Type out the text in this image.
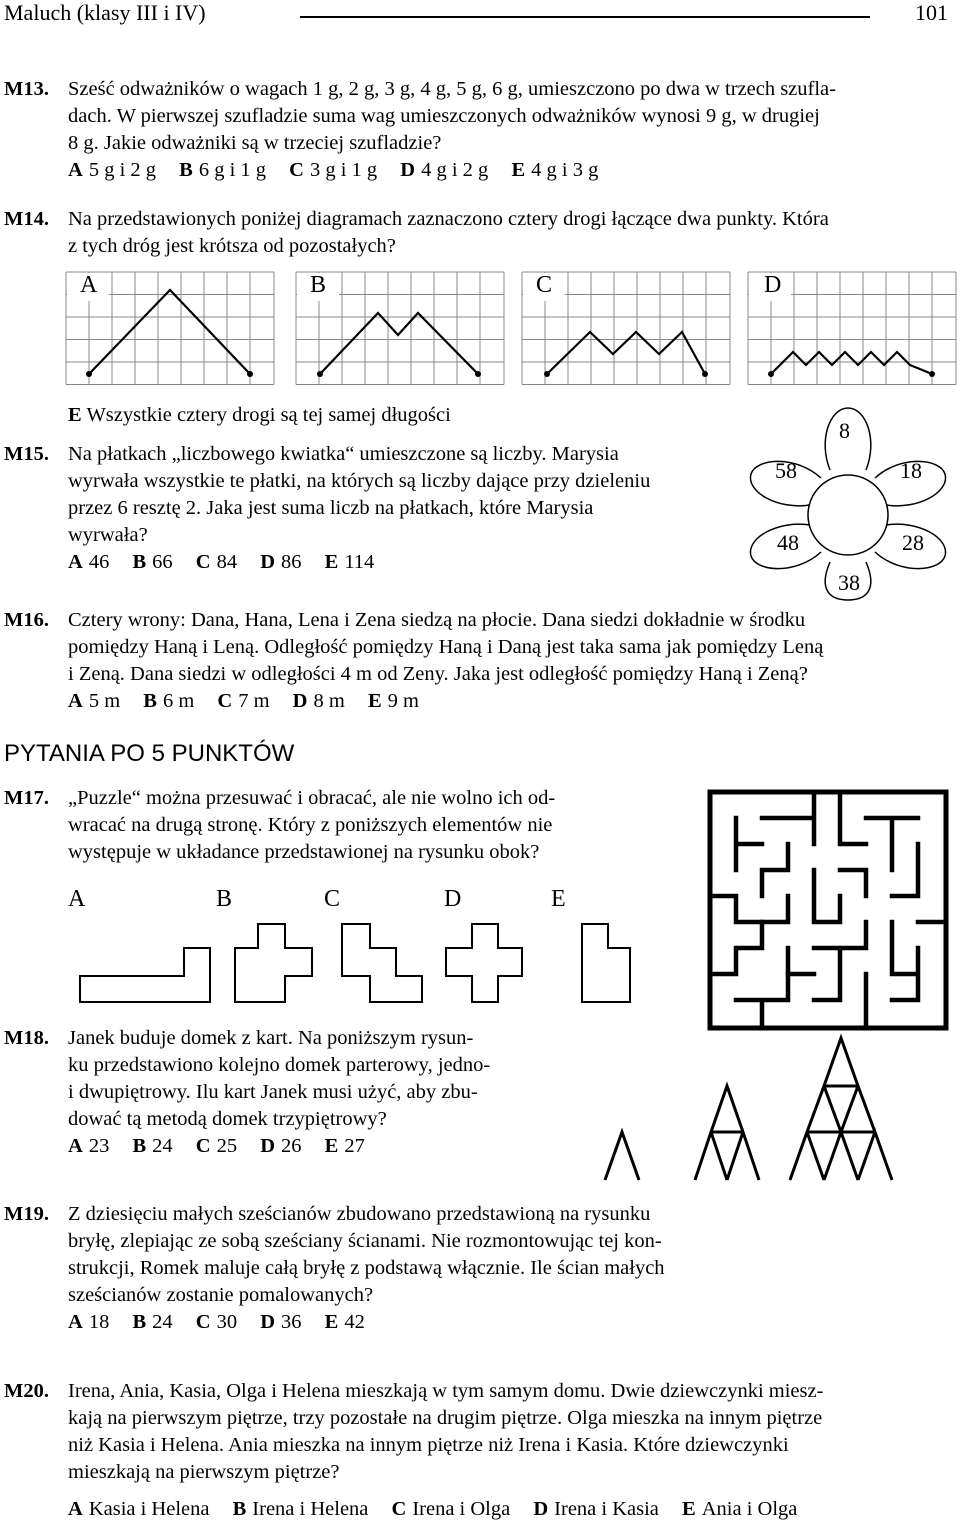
Maluch (klasy III i IV)	101
M13. Sześć odważników o wagach 1 g, 2 g, 3 g, 4 g, 5 g, 6 g, umieszczono po dwa w trzech szufla-
dach. W pierwszej szufladzie suma wag umieszczonych odważników wynosi 9 g, w drugiej
8 g. Jakie odważniki są w trzeciej szufladzie?
A 5 g i 2 g B 6 g i 1 g C 3 g i 1 g D 4 g i 2 g E 4 g i 3 g
M14. Na przedstawionych poniżej diagramach zaznaczono cztery drogi łączące dwa punkty. Która
z tych dróg jest krótsza od pozostałych?
A	B	C	D
E Wszystkie cztery drogi są tej samej długości
M15. Na płatkach „liczbowego kwiatka“ umieszczone są liczby. Marysia
wyrwała wszystkie te płatki, na których są liczby dające przy dzieleniu
przez 6 resztę 2. Jaka jest suma liczb na płatkach, które Marysia
wyrwała?
A 46 B 66 C 84 D 86 E 114
8
18
28
38
48
58
M16. Cztery wrony: Dana, Hana, Lena i Zena siedzą na płocie. Dana siedzi dokładnie w środku
pomiędzy Haną i Leną. Odległość pomiędzy Haną i Daną jest taka sama jak pomiędzy Leną
i Zeną. Dana siedzi w odległości 4 m od Zeny. Jaka jest odległość pomiędzy Haną i Zeną?
A 5 m B 6 m C 7 m D 8 m E 9 m
PYTANIA PO 5 PUNKTÓW
M17. „Puzzle“ można przesuwać i obracać, ale nie wolno ich od-
wracać na drugą stronę. Który z poniższych elementów nie
występuje w układance przedstawionej na rysunku obok?
A	B	C	D	E
M18. Janek buduje domek z kart. Na poniższym rysun-
ku przedstawiono kolejno domek parterowy, jedno-
i dwupiętrowy. Ilu kart Janek musi użyć, aby zbu-
dować tą metodą domek trzypiętrowy?
A 23 B 24 C 25 D 26 E 27
M19. Z dziesięciu małych sześcianów zbudowano przedstawioną na rysunku
bryłę, zlepiając ze sobą sześciany ścianami. Nie rozmontowując tej kon-
strukcji, Romek maluje całą bryłę z podstawą włącznie. Ile ścian małych
sześcianów zostanie pomalowanych?
A 18 B 24 C 30 D 36 E 42
M20. Irena, Ania, Kasia, Olga i Helena mieszkają w tym samym domu. Dwie dziewczynki miesz-
kają na pierwszym piętrze, trzy pozostałe na drugim piętrze. Olga mieszka na innym piętrze
niż Kasia i Helena. Ania mieszka na innym piętrze niż Irena i Kasia. Które dziewczynki
mieszkają na pierwszym piętrze?
A Kasia i Helena B Irena i Helena C Irena i Olga D Irena i Kasia E Ania i Olga
